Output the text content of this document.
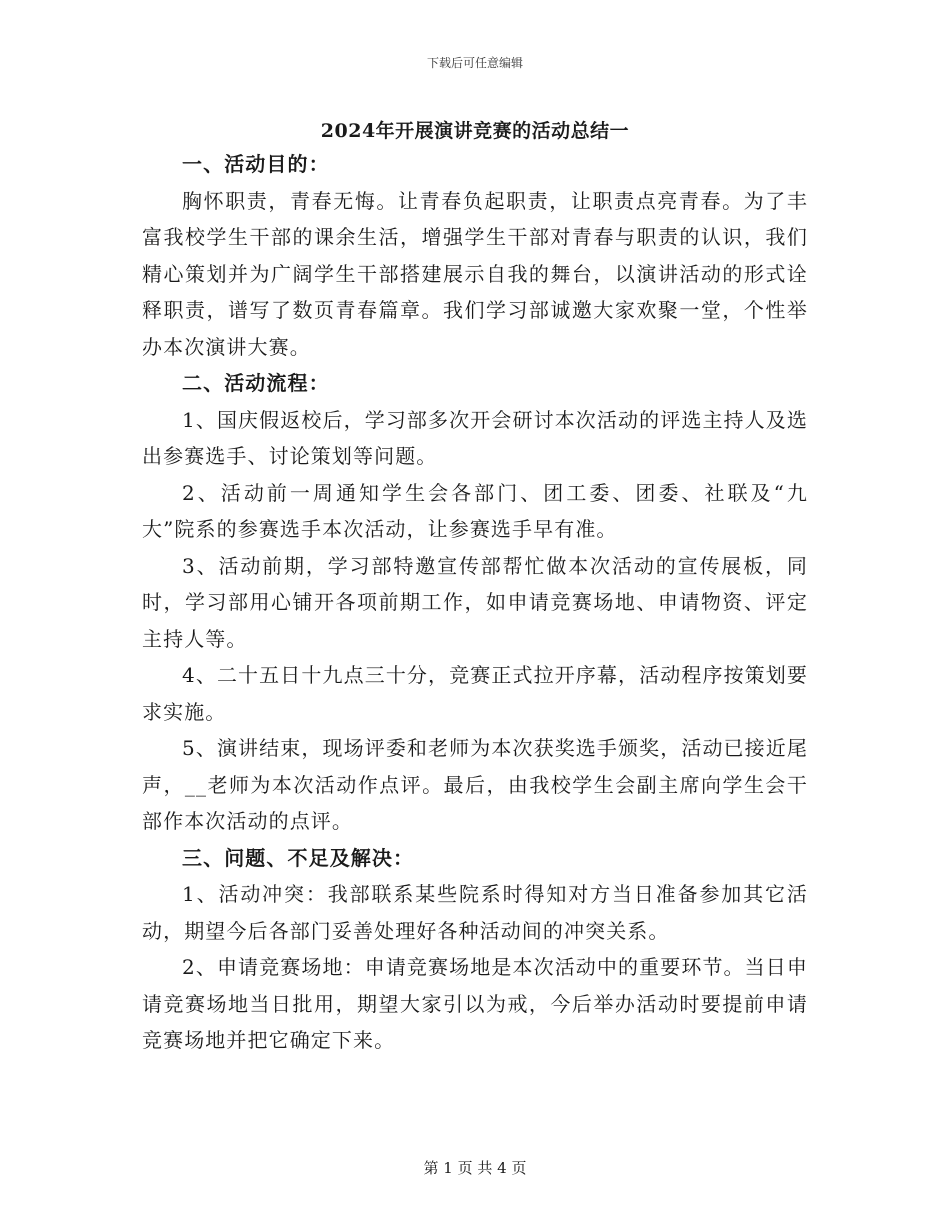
下载后可任意编辑
2024年开展演讲竞赛的活动总结一
一、活动目的：

胸怀职责，青春无悔。让青春负起职责，让职责点亮青春。为了丰富我校学生干部的课余生活，增强学生干部对青春与职责的认识，我们精心策划并为广阔学生干部搭建展示自我的舞台，以演讲活动的形式诠释职责，谱写了数页青春篇章。我们学习部诚邀大家欢聚一堂，个性举办本次演讲大赛。

二、活动流程：

1、国庆假返校后，学习部多次开会研讨本次活动的评选主持人及选出参赛选手、讨论策划等问题。

2、活动前一周通知学生会各部门、团工委、团委、社联及“九大”院系的参赛选手本次活动，让参赛选手早有准。

3、活动前期，学习部特邀宣传部帮忙做本次活动的宣传展板，同时，学习部用心铺开各项前期工作，如申请竞赛场地、申请物资、评定主持人等。

4、二十五日十九点三十分，竞赛正式拉开序幕，活动程序按策划要求实施。

5、演讲结束，现场评委和老师为本次获奖选手颁奖，活动已接近尾声，__老师为本次活动作点评。最后，由我校学生会副主席向学生会干部作本次活动的点评。

三、问题、不足及解决：

1、活动冲突：我部联系某些院系时得知对方当日准备参加其它活动，期望今后各部门妥善处理好各种活动间的冲突关系。

2、申请竞赛场地：申请竞赛场地是本次活动中的重要环节。当日申请竞赛场地当日批用，期望大家引以为戒，今后举办活动时要提前申请竞赛场地并把它确定下来。

第 1 页 共 4 页
